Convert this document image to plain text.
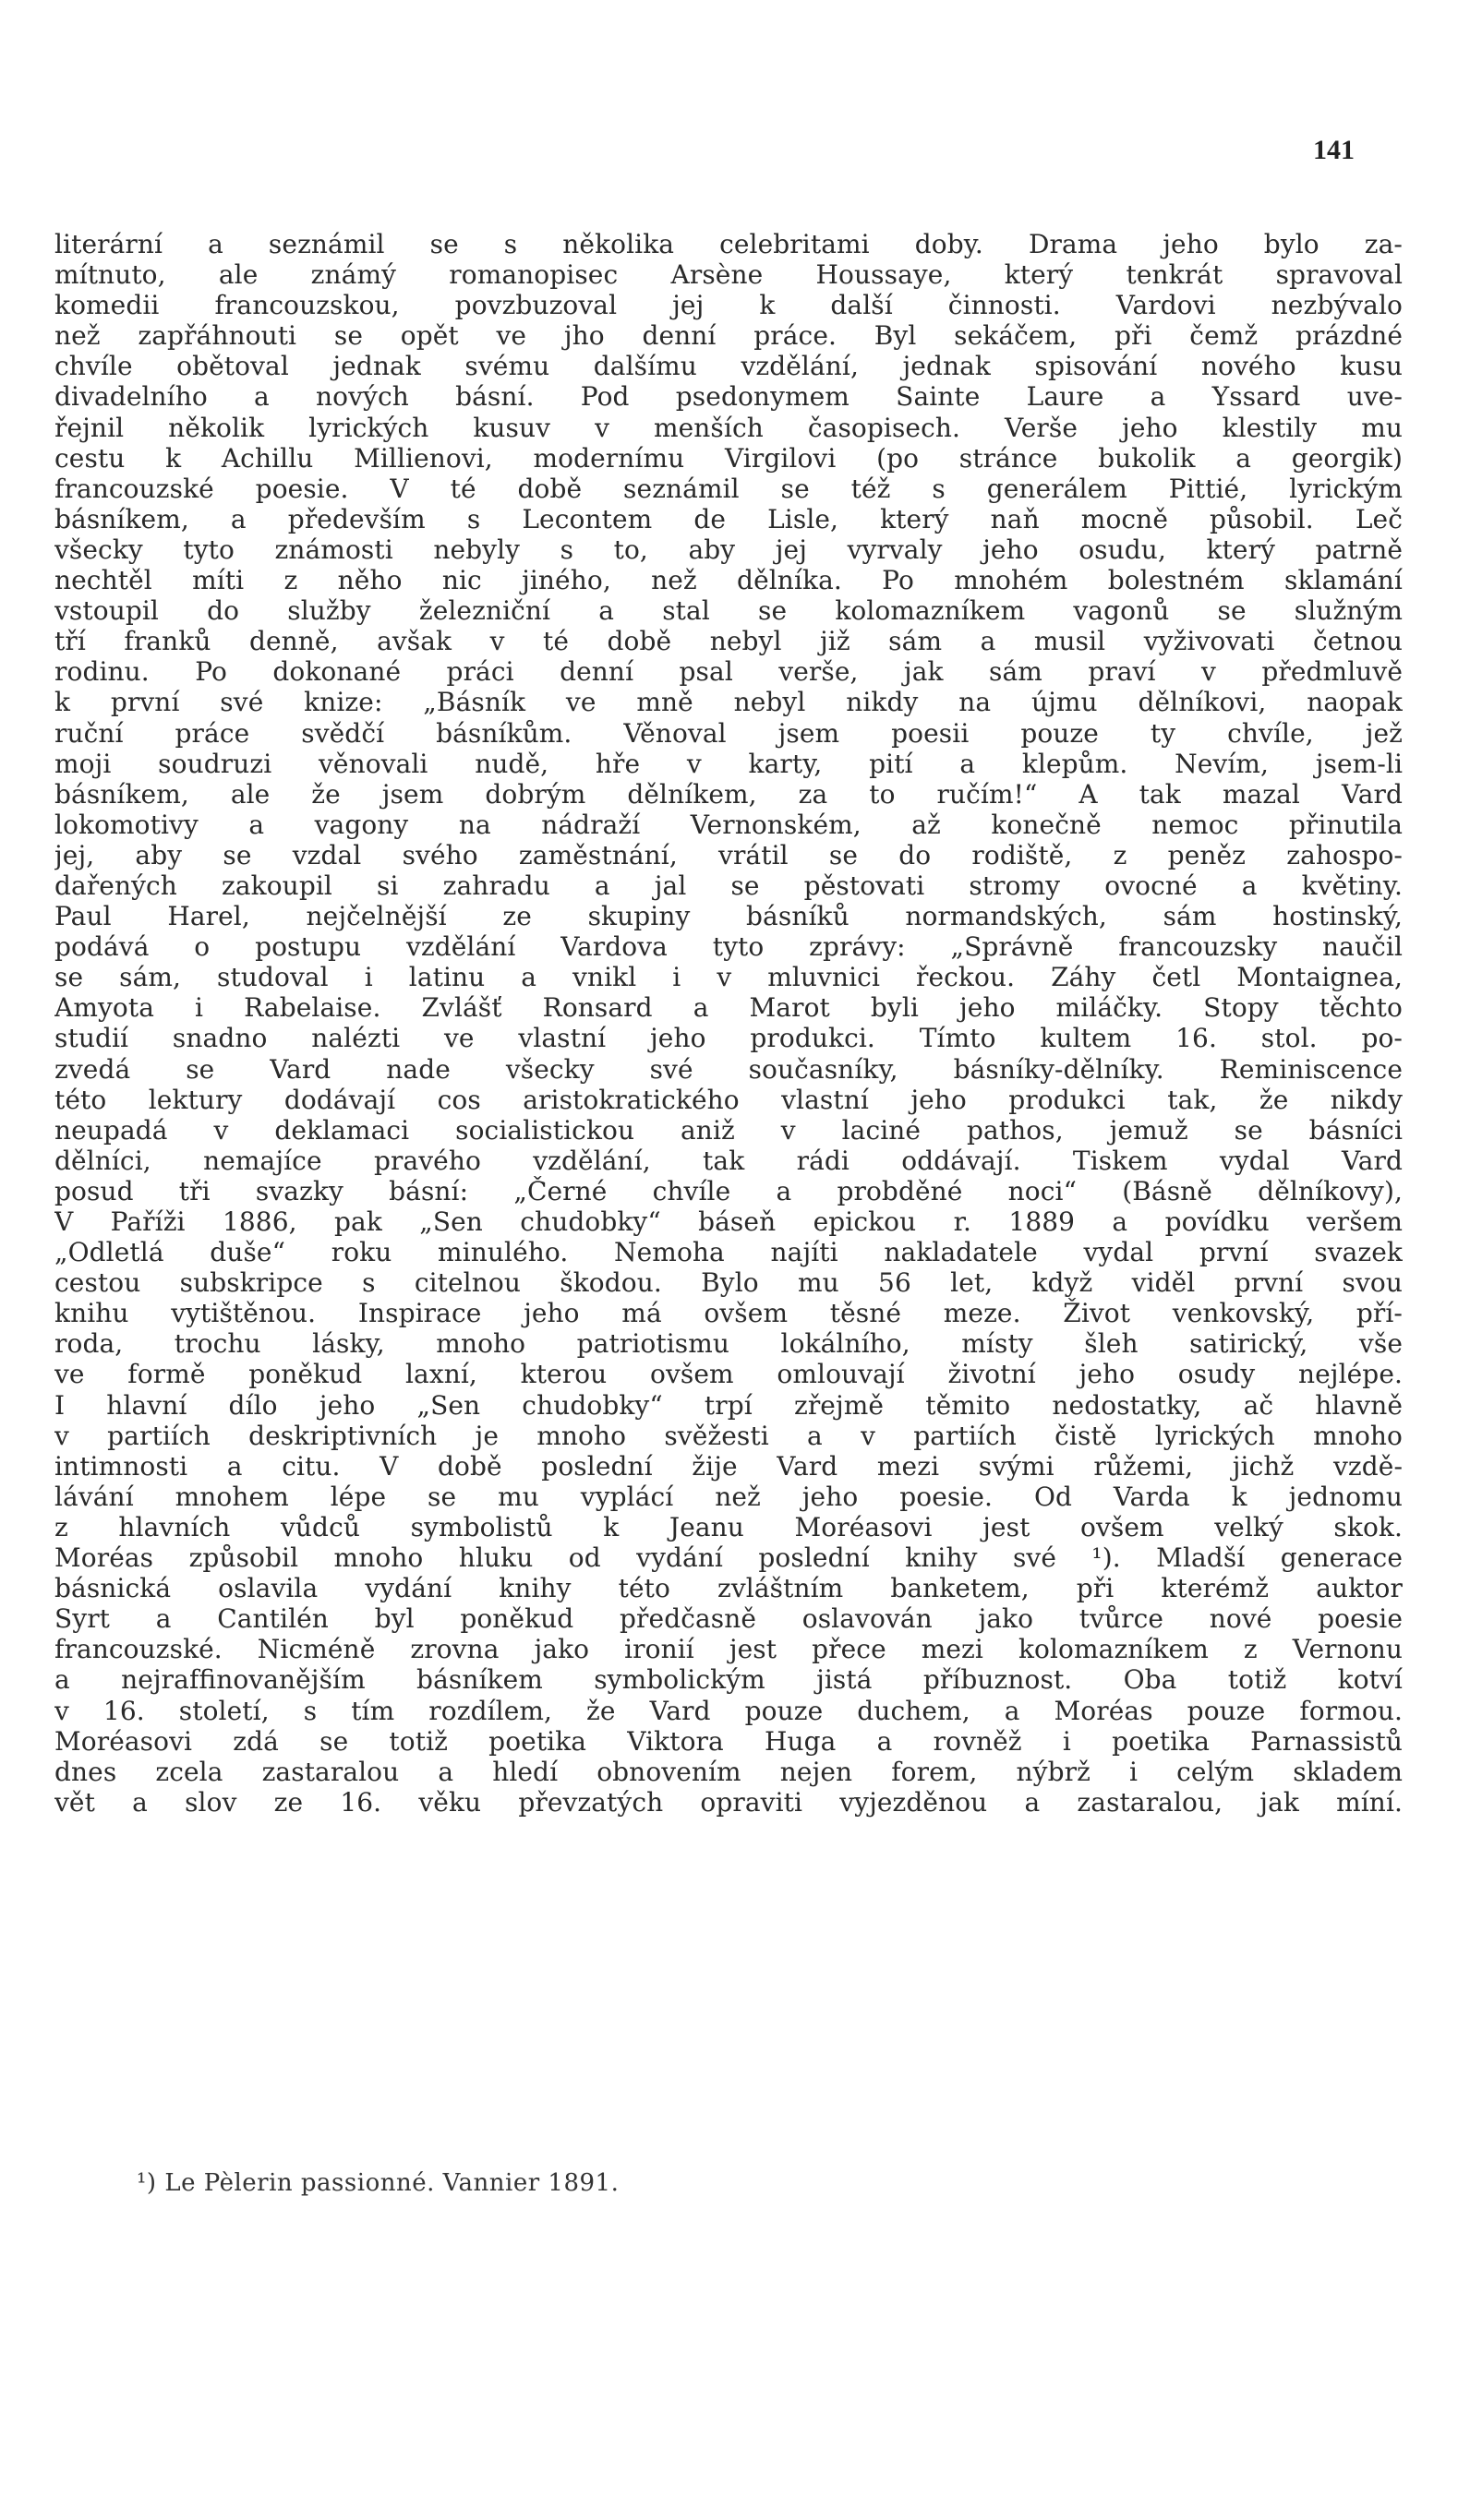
141
literární a seznámil se s několika celebritami doby. Drama jeho bylo za-
mítnuto, ale známý romanopisec Arsène Houssaye, který tenkrát spravoval
komedii francouzskou, povzbuzoval jej k další činnosti. Vardovi nezbývalo
než zapřáhnouti se opět ve jho denní práce. Byl sekáčem, při čemž prázdné
chvíle obětoval jednak svému dalšímu vzdělání, jednak spisování nového kusu
divadelního a nových básní. Pod psedonymem Sainte Laure a Yssard uve-
řejnil několik lyrických kusuv v menších časopisech. Verše jeho klestily mu
cestu k Achillu Millienovi, modernímu Virgilovi (po stránce bukolik a georgik)
francouzské poesie. V té době seznámil se též s generálem Pittié, lyrickým
básníkem, a především s Lecontem de Lisle, který naň mocně působil. Leč
všecky tyto známosti nebyly s to, aby jej vyrvaly jeho osudu, který patrně
nechtěl míti z něho nic jiného, než dělníka. Po mnohém bolestném sklamání
vstoupil do služby železniční a stal se kolomazníkem vagonů se služným
tří franků denně, avšak v té době nebyl již sám a musil vyživovati četnou
rodinu. Po dokonané práci denní psal verše, jak sám praví v předmluvě
k první své knize: „Básník ve mně nebyl nikdy na újmu dělníkovi, naopak
ruční práce svědčí básníkům. Věnoval jsem poesii pouze ty chvíle, jež
moji soudruzi věnovali nudě, hře v karty, pití a klepům. Nevím, jsem-li
básníkem, ale že jsem dobrým dělníkem, za to ručím!“ A tak mazal Vard
lokomotivy a vagony na nádraží Vernonském, až konečně nemoc přinutila
jej, aby se vzdal svého zaměstnání, vrátil se do rodiště, z peněz zahospo-
dařených zakoupil si zahradu a jal se pěstovati stromy ovocné a květiny.
Paul Harel, nejčelnější ze skupiny básníků normandských, sám hostinský,
podává o postupu vzdělání Vardova tyto zprávy: „Správně francouzsky naučil
se sám, studoval i latinu a vnikl i v mluvnici řeckou. Záhy četl Montaignea,
Amyota i Rabelaise. Zvlášť Ronsard a Marot byli jeho miláčky. Stopy těchto
studií snadno nalézti ve vlastní jeho produkci. Tímto kultem 16. stol. po-
zvedá se Vard nade všecky své současníky, básníky-dělníky. Reminiscence
této lektury dodávají cos aristokratického vlastní jeho produkci tak, že nikdy
neupadá v deklamaci socialistickou aniž v laciné pathos, jemuž se básníci
dělníci, nemajíce pravého vzdělání, tak rádi oddávají. Tiskem vydal Vard
posud tři svazky básní: „Černé chvíle a probděné noci“ (Básně dělníkovy),
V Paříži 1886, pak „Sen chudobky“ báseň epickou r. 1889 a povídku veršem
„Odletlá duše“ roku minulého. Nemoha najíti nakladatele vydal první svazek
cestou subskripce s citelnou škodou. Bylo mu 56 let, když viděl první svou
knihu vytištěnou. Inspirace jeho má ovšem těsné meze. Život venkovský, pří-
roda, trochu lásky, mnoho patriotismu lokálního, místy šleh satirický, vše
ve formě poněkud laxní, kterou ovšem omlouvají životní jeho osudy nejlépe.
I hlavní dílo jeho „Sen chudobky“ trpí zřejmě těmito nedostatky, ač hlavně
v partiích deskriptivních je mnoho svěžesti a v partiích čistě lyrických mnoho
intimnosti a citu. V době poslední žije Vard mezi svými růžemi, jichž vzdě-
lávání mnohem lépe se mu vyplácí než jeho poesie. Od Varda k jednomu
z hlavních vůdců symbolistů k Jeanu Moréasovi jest ovšem velký skok.
Moréas způsobil mnoho hluku od vydání poslední knihy své ¹). Mladší generace
básnická oslavila vydání knihy této zvláštním banketem, při kterémž auktor
Syrt a Cantilén byl poněkud předčasně oslavován jako tvůrce nové poesie
francouzské. Nicméně zrovna jako ironií jest přece mezi kolomazníkem z Vernonu
a nejrafﬁnovanějším básníkem symbolickým jistá příbuznost. Oba totiž kotví
v 16. století, s tím rozdílem, že Vard pouze duchem, a Moréas pouze formou.
Moréasovi zdá se totiž poetika Viktora Huga a rovněž i poetika Parnassistů
dnes zcela zastaralou a hledí obnovením nejen forem, nýbrž i celým skladem
vět a slov ze 16. věku převzatých opraviti vyjezděnou a zastaralou, jak míní.
¹) Le Pèlerin passionné. Vannier 1891.
